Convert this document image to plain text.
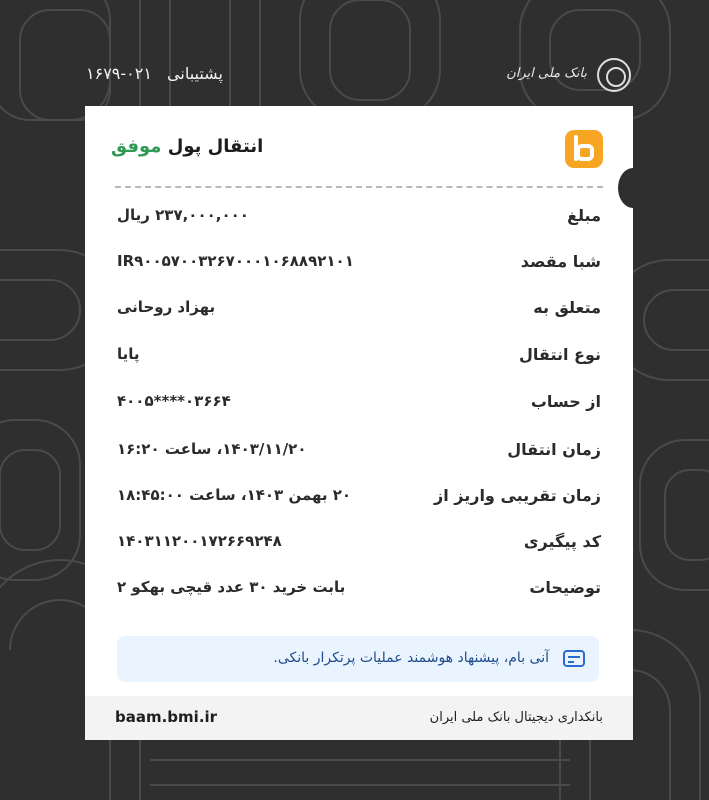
پشتیبانی ۰۲۱-۱۶۷۹	بانک ملی ایران
انتقال پول موفق
مبلغ
۲۳۷,۰۰۰,۰۰۰ ریال
شبا مقصد
IR۹۰۰۵۷۰۰۳۲۶۷۰۰۰۱۰۶۸۸۹۲۱۰۱
متعلق به
بهزاد روحانی
نوع انتقال
پایا
از حساب
۰۳۶۶۴****۴۰۰۵
زمان انتقال
۱۴۰۳/۱۱/۲۰، ساعت ۱۶:۲۰
زمان تقریبی واریز از
۲۰ بهمن ۱۴۰۳، ساعت ۱۸:۴۵:۰۰
کد پیگیری
۱۴۰۳۱۱۲۰۰۱۷۲۶۶۹۲۴۸
توضیحات
بابت خرید ۳۰ عدد قیچی بهکو ۲
آنی بام، پیشنهاد هوشمند عملیات پرتکرار بانکی.
baam.bmi.ir	بانکداری دیجیتال بانک ملی ایران
